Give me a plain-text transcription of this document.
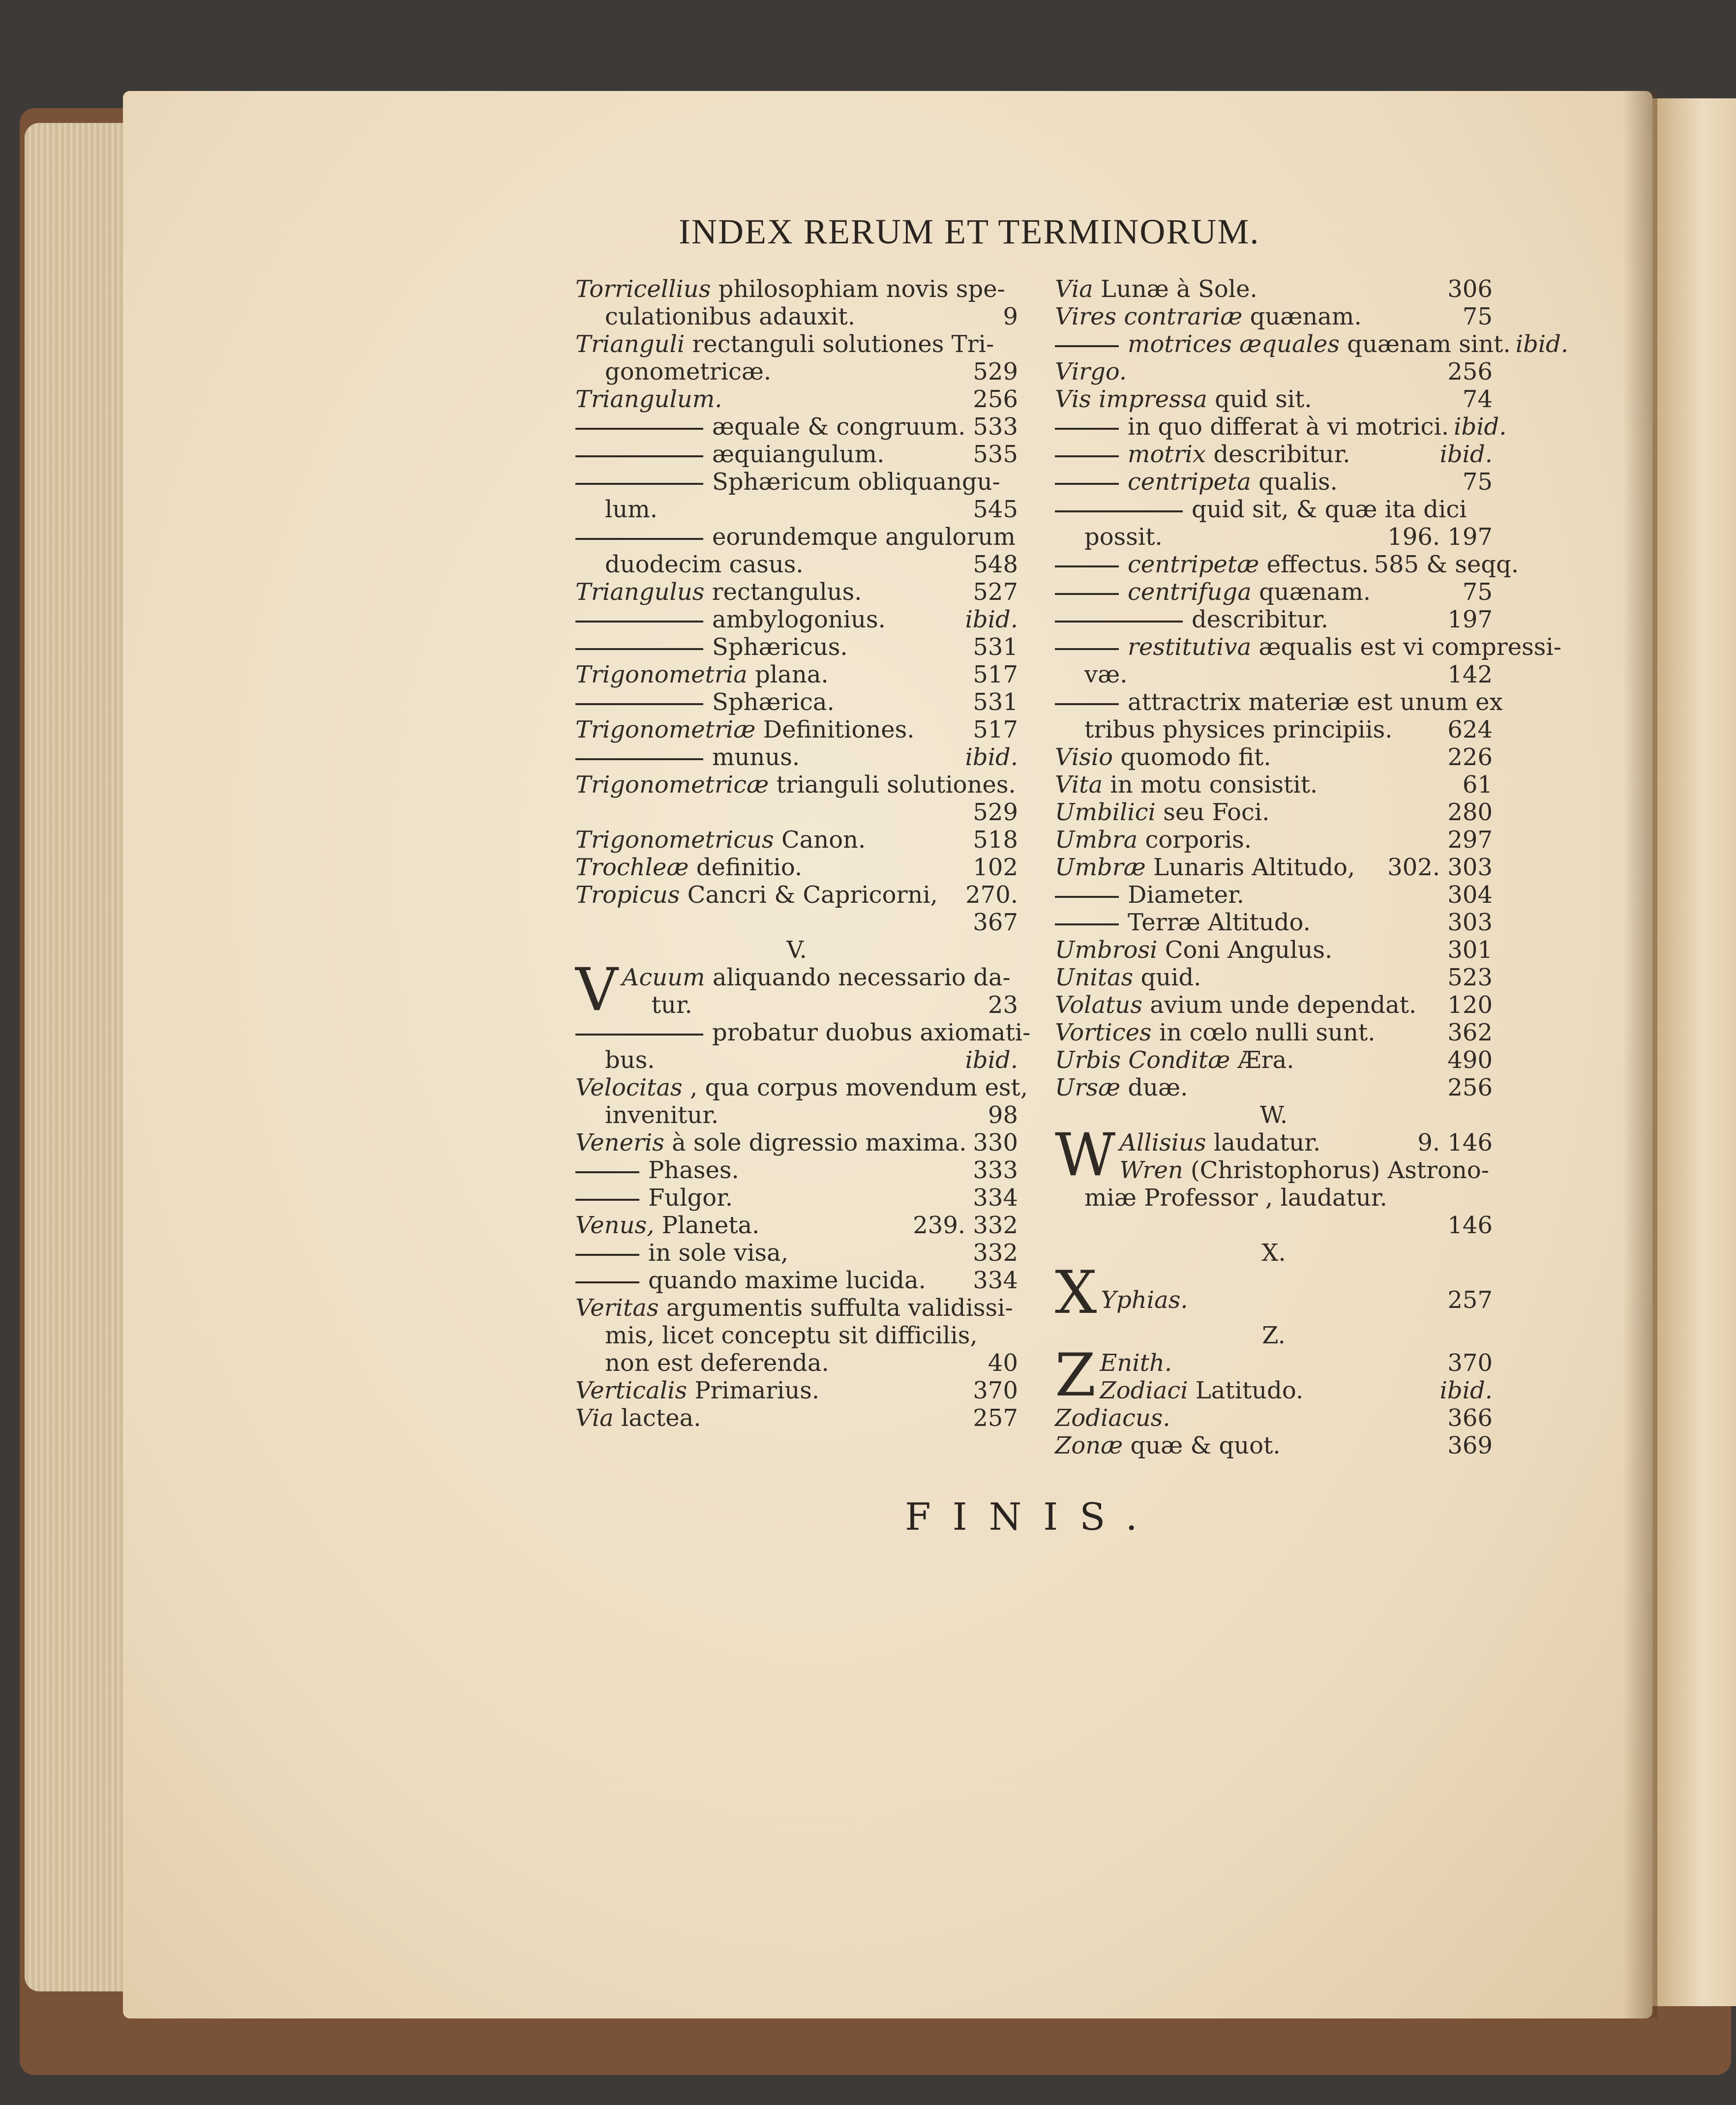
INDEX RERUM ET TERMINORUM.
Torricellius philosophiam novis spe-
culationibus adauxit.	9
Trianguli rectanguli solutiones Tri-
gonometricæ.	529
Triangulum.	256
æquale & congruum. 533
æquiangulum.	535
Sphæricum obliquangu-
lum.	545
eorundemque angulorum
duodecim casus.	548
Triangulus rectangulus.	527
ambylogonius.	ibid.
Sphæricus.	531
Trigonometria plana.	517
Sphærica.	531
Trigonometriæ Definitiones.	517
munus.	ibid.
Trigonometricæ trianguli solutiones.
529
Trigonometricus Canon.	518
Trochleæ definitio.	102
Tropicus Cancri & Capricorni,	270.
367
V.
V Acuum aliquando necessario da-
tur.	23
probatur duobus axiomati-
bus.	ibid.
Velocitas , qua corpus movendum est,
invenitur.	98
Veneris à sole digressio maxima. 330
Phases.	333
Fulgor.	334
Venus, Planeta.	239. 332
in sole visa,	332
quando maxime lucida.	334
Veritas argumentis suffulta validissi-
mis, licet conceptu sit difficilis,
non est deferenda.	40
Verticalis Primarius.	370
Via lactea.	257
Via Lunæ à Sole.	306
Vires contrariæ quænam.	75
motrices æquales quænam sint. ibid.
Virgo.	256
Vis impressa quid sit.	74
in quo differat à vi motrici. ibid.
motrix describitur.	ibid.
centripeta qualis.	75
quid sit, & quæ ita dici
possit.	196. 197
centripetæ effectus. 585 & seqq.
centrifuga quænam.	75
describitur.	197
restitutiva æqualis est vi compressi-
væ.	142
attractrix materiæ est unum ex
tribus physices principiis.	624
Visio quomodo fit.	226
Vita in motu consistit.	61
Umbilici seu Foci.	280
Umbra corporis.	297
Umbræ Lunaris Altitudo,	302. 303
Diameter.	304
Terræ Altitudo.	303
Umbrosi Coni Angulus.	301
Unitas quid.	523
Volatus avium unde dependat.	120
Vortices in cœlo nulli sunt.	362
Urbis Conditæ Æra.	490
Ursæ duæ.	256
W.
W Allisius laudatur.	9. 146
Wren (Christophorus) Astrono-
miæ Professor , laudatur.
146
X.
X Yphias.	257
Z.
Z Enith.	370
Zodiaci Latitudo.	ibid.
Zodiacus.	366
Zonæ quæ & quot.	369
FINIS.
